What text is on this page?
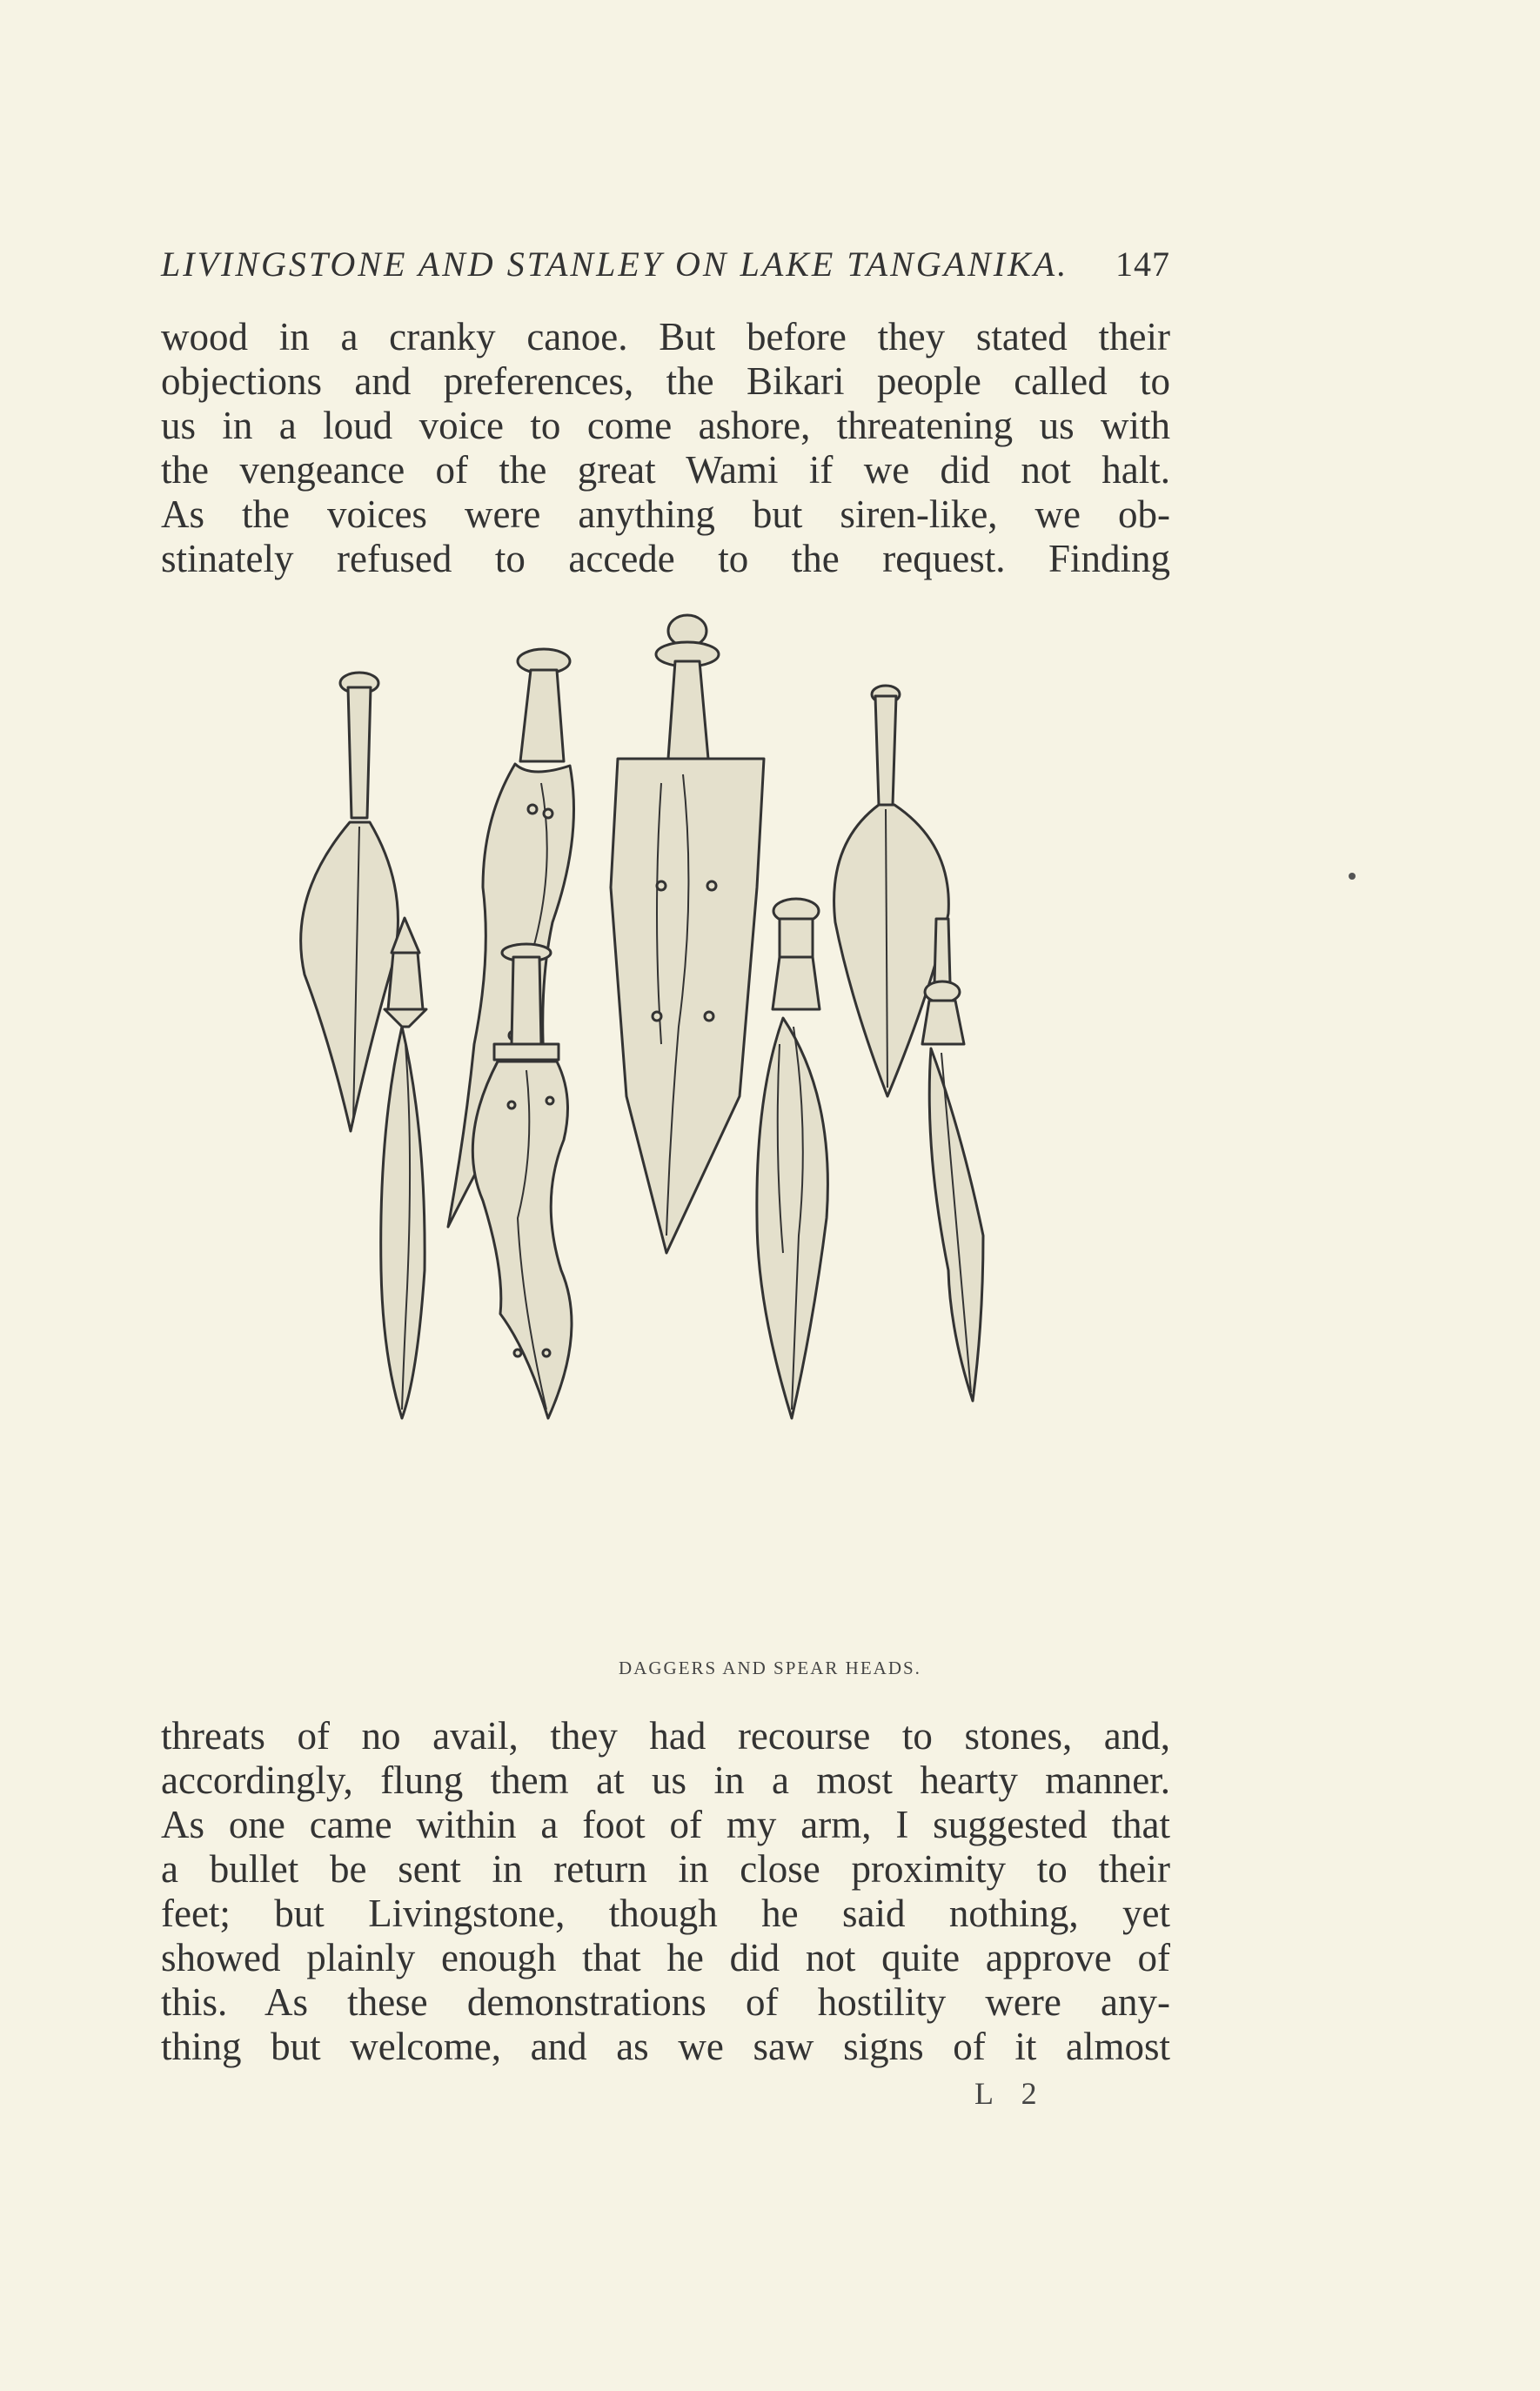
LIVINGSTONE AND STANLEY ON LAKE TANGANIKA. 147
wood in a cranky canoe. But before they stated their
objections and preferences, the Bikari people called to
us in a loud voice to come ashore, threatening us with
the vengeance of the great Wami if we did not halt.
As the voices were anything but siren-like, we ob-
stinately refused to accede to the request. Finding
DAGGERS AND SPEAR HEADS.
threats of no avail, they had recourse to stones, and,
accordingly, flung them at us in a most hearty manner.
As one came within a foot of my arm, I suggested that
a bullet be sent in return in close proximity to their
feet; but Livingstone, though he said nothing, yet
showed plainly enough that he did not quite approve of
this. As these demonstrations of hostility were any-
thing but welcome, and as we saw signs of it almost
L 2
